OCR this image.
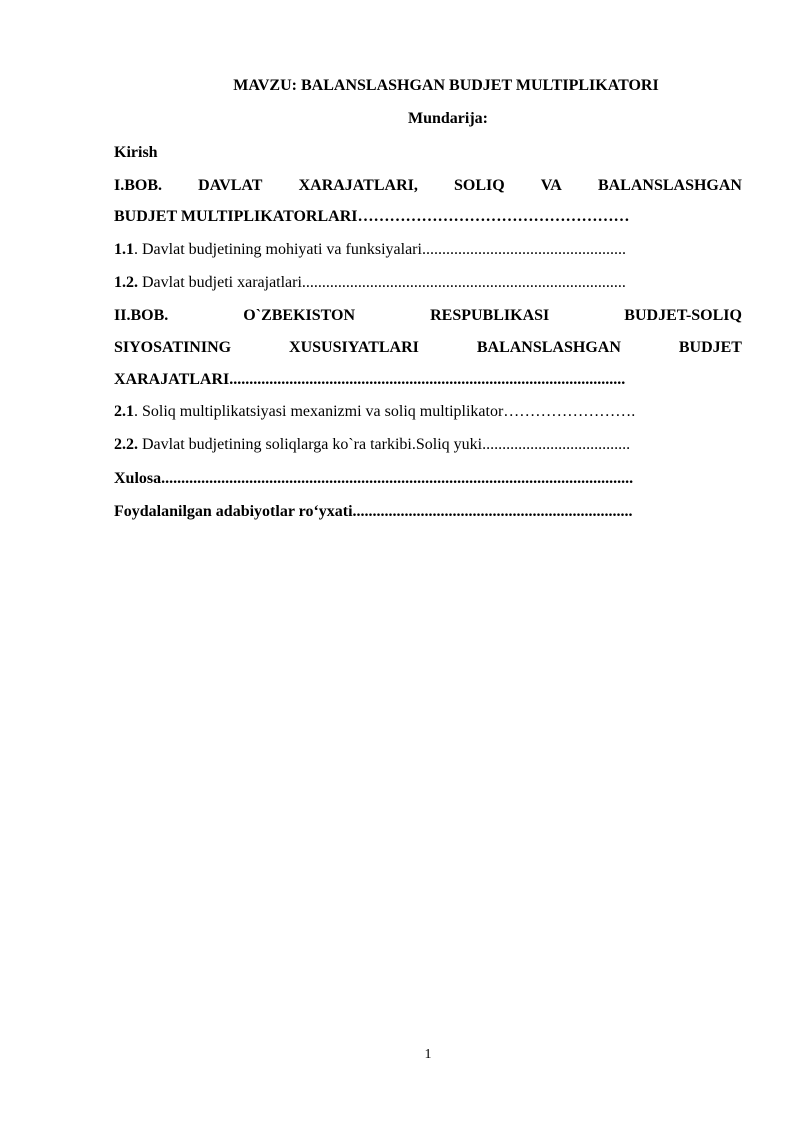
MAVZU: BALANSLASHGAN BUDJET MULTIPLIKATORI
Mundarija:
Kirish
I.BOB. DAVLAT XARAJATLARI, SOLIQ VA BALANSLASHGAN
BUDJET MULTIPLIKATORLARI……………………………………………
1.1. Davlat budjetining mohiyati va funksiyalari...................................................
1.2. Davlat budjeti xarajatlari.................................................................................
II.BOB.	O`ZBEKISTON	RESPUBLIKASI	BUDJET-SOLIQ
SIYOSATINING	XUSUSIYATLARI	BALANSLASHGAN	BUDJET
XARAJATLARI...................................................................................................
2.1. Soliq multiplikatsiyasi mexanizmi va soliq multiplikator…………………….
2.2. Davlat budjetining soliqlarga ko`ra tarkibi.Soliq yuki.....................................
Xulosa......................................................................................................................
Foydalanilgan adabiyotlar ro‘yxati......................................................................
1
